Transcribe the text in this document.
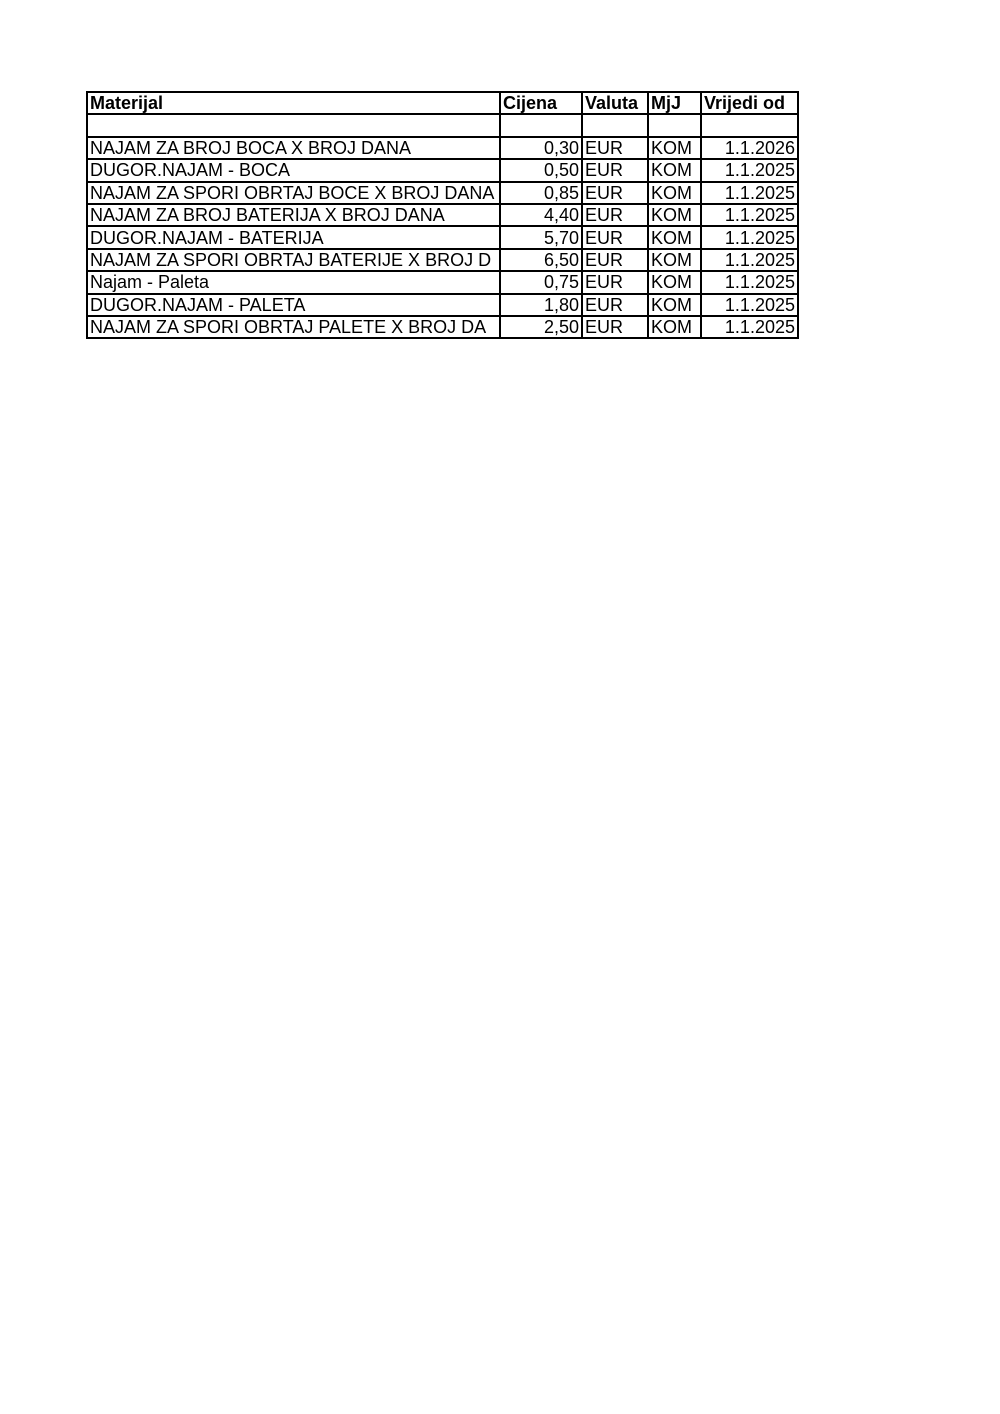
Materijal	Cijena	Valuta	MjJ	Vrijedi od

NAJAM ZA BROJ BOCA X BROJ DANA	0,30	EUR	KOM	1.1.2026
DUGOR.NAJAM - BOCA	0,50	EUR	KOM	1.1.2025
NAJAM ZA SPORI OBRTAJ BOCE X BROJ DANA	0,85	EUR	KOM	1.1.2025
NAJAM ZA BROJ BATERIJA X BROJ DANA	4,40	EUR	KOM	1.1.2025
DUGOR.NAJAM - BATERIJA	5,70	EUR	KOM	1.1.2025
NAJAM ZA SPORI OBRTAJ BATERIJE X BROJ D	6,50	EUR	KOM	1.1.2025
Najam - Paleta	0,75	EUR	KOM	1.1.2025
DUGOR.NAJAM - PALETA	1,80	EUR	KOM	1.1.2025
NAJAM ZA SPORI OBRTAJ PALETE X BROJ DA	2,50	EUR	KOM	1.1.2025
